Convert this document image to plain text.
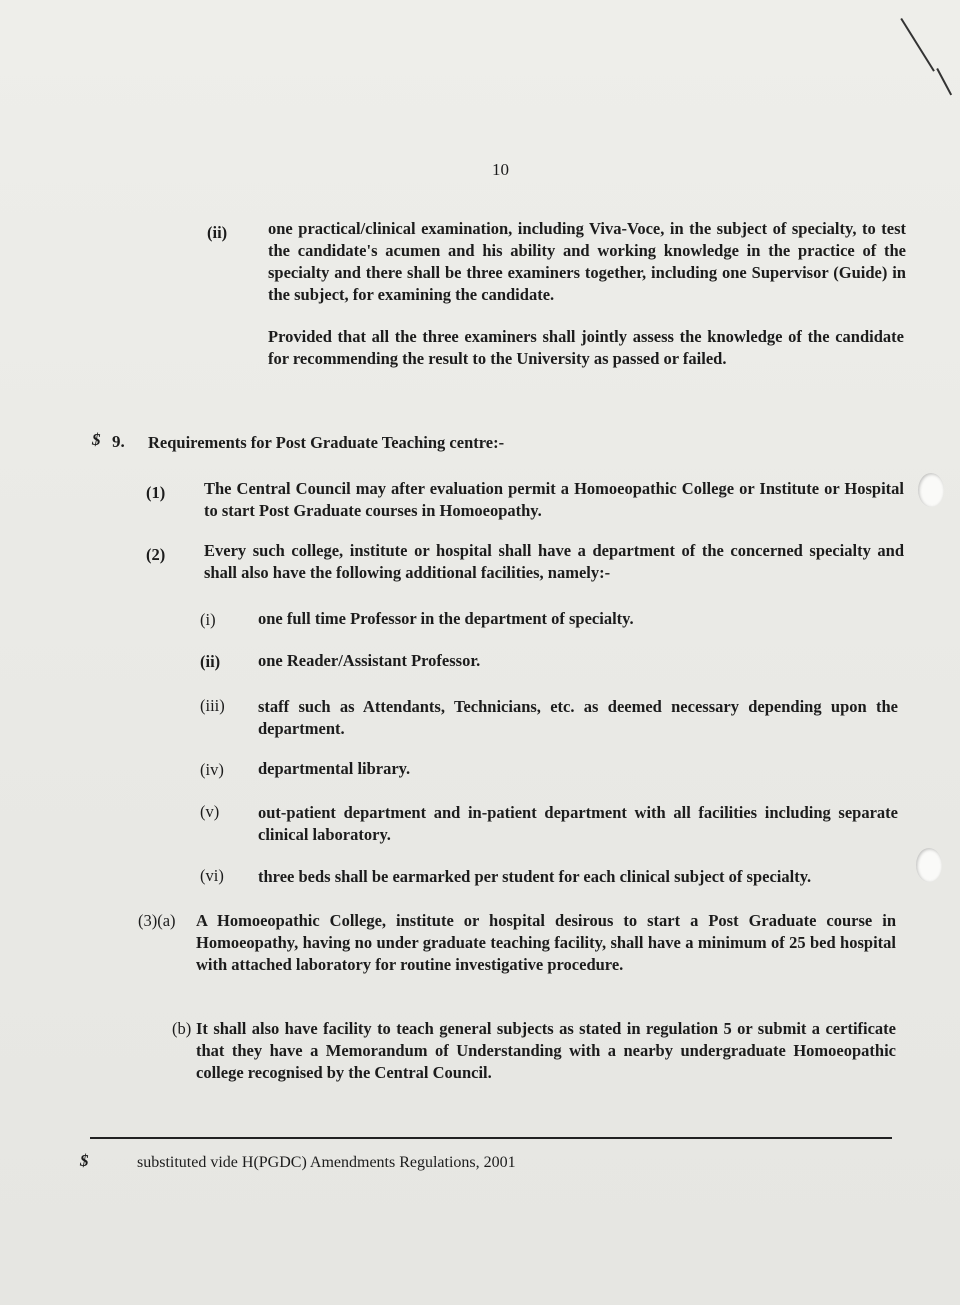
10
(ii) one practical/clinical examination, including Viva-Voce, in the subject of specialty, to test the candidate's acumen and his ability and working knowledge in the practice of the specialty and there shall be three examiners together, including one Supervisor (Guide) in the subject, for examining the candidate.
Provided that all the three examiners shall jointly assess the knowledge of the candidate for recommending the result to the University as passed or failed.
$ 9. Requirements for Post Graduate Teaching centre:-
(1) The Central Council may after evaluation permit a Homoeopathic College or Institute or Hospital to start Post Graduate courses in Homoeopathy.
(2) Every such college, institute or hospital shall have a department of the concerned specialty and shall also have the following additional facilities, namely:-
(i)	one full time Professor in the department of specialty.
(ii) one Reader/Assistant Professor.
(iii) staff such as Attendants, Technicians, etc. as deemed necessary depending upon the department.
(iv) departmental library.
(v) out-patient department and in-patient department with all facilities including separate clinical laboratory.
(vi) three beds shall be earmarked per student for each clinical subject of specialty.
(3)(a) A Homoeopathic College, institute or hospital desirous to start a Post Graduate course in Homoeopathy, having no under graduate teaching facility, shall have a minimum of 25 bed hospital with attached laboratory for routine investigative procedure.
(b) It shall also have facility to teach general subjects as stated in regulation 5 or submit a certificate that they have a Memorandum of Understanding with a nearby undergraduate Homoeopathic college recognised by the Central Council.
$	substituted vide H(PGDC) Amendments Regulations, 2001
